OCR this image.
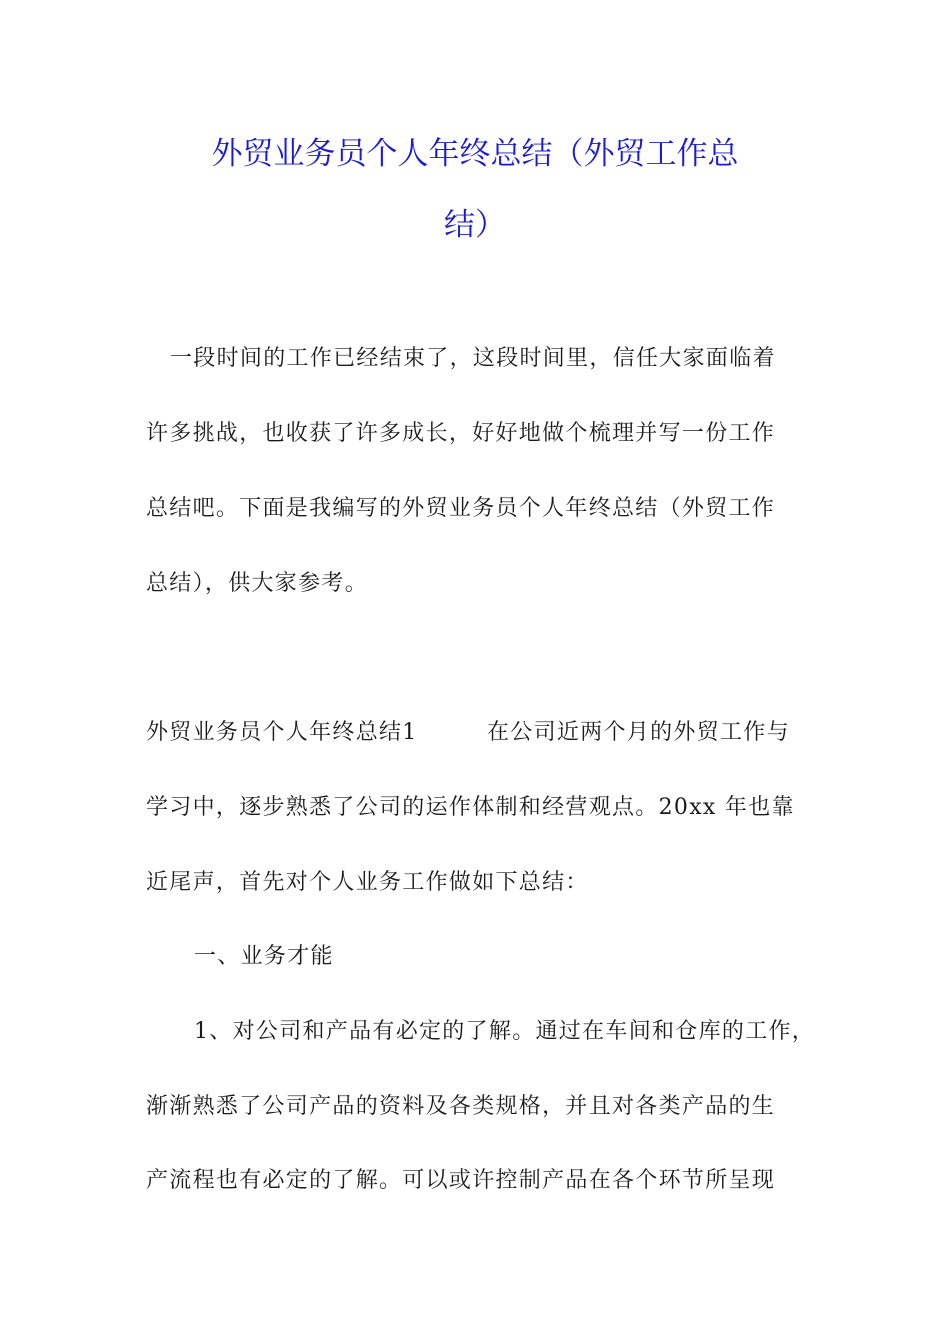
外贸业务员个人年终总结（外贸工作总
结）
一段时间的工作已经结束了，这段时间里，信任大家面临着
许多挑战，也收获了许多成长，好好地做个梳理并写一份工作
总结吧。下面是我编写的外贸业务员个人年终总结（外贸工作
总结），供大家参考。
外贸业务员个人年终总结1	在公司近两个月的外贸工作与
学习中，逐步熟悉了公司的运作体制和经营观点。20xx 年也靠
近尾声，首先对个人业务工作做如下总结：
一、业务才能
1、对公司和产品有必定的了解。通过在车间和仓库的工作，
渐渐熟悉了公司产品的资料及各类规格，并且对各类产品的生
产流程也有必定的了解。可以或许控制产品在各个环节所呈现
